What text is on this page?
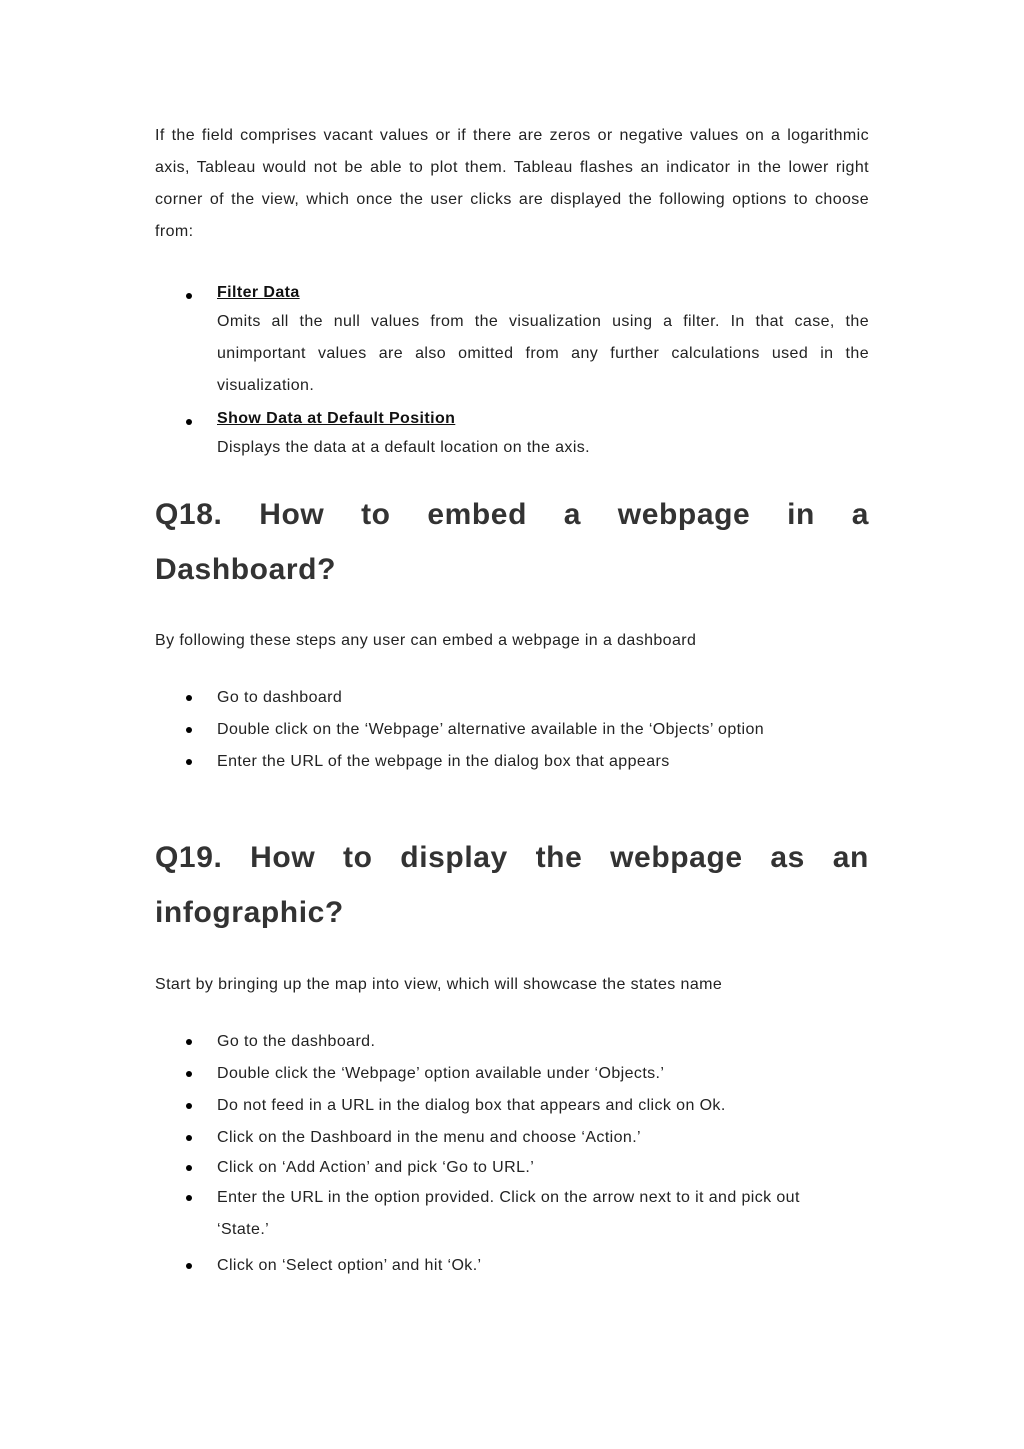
If the field comprises vacant values or if there are zeros or negative values on a logarithmic axis, Tableau would not be able to plot them. Tableau flashes an indicator in the lower right corner of the view, which once the user clicks are displayed the following options to choose from:

Filter Data
Omits all the null values from the visualization using a filter. In that case, the unimportant values are also omitted from any further calculations used in the visualization.
Show Data at Default Position
Displays the data at a default location on the axis.
Q18. How to embed a webpage in a
Dashboard?

By following these steps any user can embed a webpage in a dashboard

Go to dashboard
Double click on the ‘Webpage’ alternative available in the ‘Objects’ option
Enter the URL of the webpage in the dialog box that appears
Q19. How to display the webpage as an
infographic?

Start by bringing up the map into view, which will showcase the states name

Go to the dashboard.
Double click the ‘Webpage’ option available under ‘Objects.’
Do not feed in a URL in the dialog box that appears and click on Ok.
Click on the Dashboard in the menu and choose ‘Action.’
Click on ‘Add Action’ and pick ‘Go to URL.’
Enter the URL in the option provided. Click on the arrow next to it and pick out ‘State.’
Click on ‘Select option’ and hit ‘Ok.’
